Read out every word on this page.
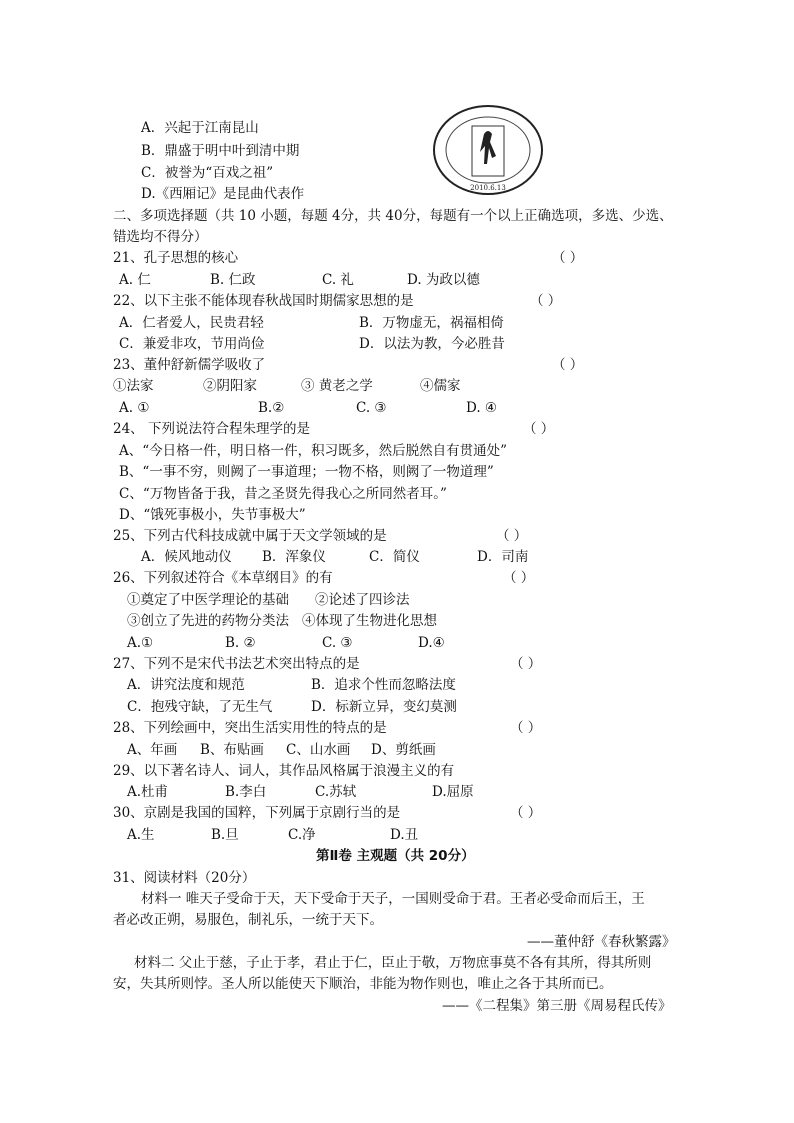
2010.6.13
A．兴起于江南昆山
B．鼎盛于明中叶到清中期
C．被誉为“百戏之祖”
D.《西厢记》是昆曲代表作
二、多项选择题（共 10 小题，每题 4分，共 40分，每题有一个以上正确选项，多选、少选、
错选均不得分）
21、孔子思想的核心	（ ）
A. 仁	B. 仁政	C. 礼	D. 为政以德
22、以下主张不能体现春秋战国时期儒家思想的是	（ ）
A．仁者爱人，民贵君轻	B．万物虚无，祸福相倚
C．兼爱非攻，节用尚俭	D．以法为教，今必胜昔
23、董仲舒新儒学吸收了	（ ）
①法家	②阴阳家	③ 黄老之学	④儒家
A. ①	B.②	C. ③	D. ④
24、 下列说法符合程朱理学的是	（ ）
A、“今日格一件，明日格一件，积习既多，然后脱然自有贯通处”
B、“一事不穷，则阙了一事道理；一物不格，则阙了一物道理”
C、“万物皆备于我，昔之圣贤先得我心之所同然者耳。”
D、“饿死事极小，失节事极大”
25、下列古代科技成就中属于天文学领域的是	（ ）
A．候风地动仪 B．浑象仪	C．简仪	D．司南
26、下列叙述符合《本草纲目》的有	（ ）
①奠定了中医学理论的基础 ②论述了四诊法
③创立了先进的药物分类法 ④体现了生物进化思想
A.①	B. ②	C. ③	D.④
27、下列不是宋代书法艺术突出特点的是	（ ）
A．讲究法度和规范	B．追求个性而忽略法度
C．抱残守缺，了无生气	D．标新立异，变幻莫测
28、下列绘画中，突出生活实用性的特点的是	（ ）
A、年画 B、布贴画 C、山水画 D、剪纸画
29、以下著名诗人、词人，其作品风格属于浪漫主义的有
A.杜甫	B.李白	C.苏轼	D.屈原
30、京剧是我国的国粹，下列属于京剧行当的是	（ ）
A.生	B.旦	C.净	D.丑
第Ⅱ卷 主观题（共 20分）
31、阅读材料（20分）
材料一 唯天子受命于天，天下受命于天子，一国则受命于君。王者必受命而后王，王
者必改正朔，易服色，制礼乐，一统于天下。
——董仲舒《春秋繁露》
材料二 父止于慈，子止于孝，君止于仁，臣止于敬，万物庶事莫不各有其所，得其所则
安，失其所则悖。圣人所以能使天下顺治，非能为物作则也，唯止之各于其所而已。
——《二程集》第三册《周易程氏传》
